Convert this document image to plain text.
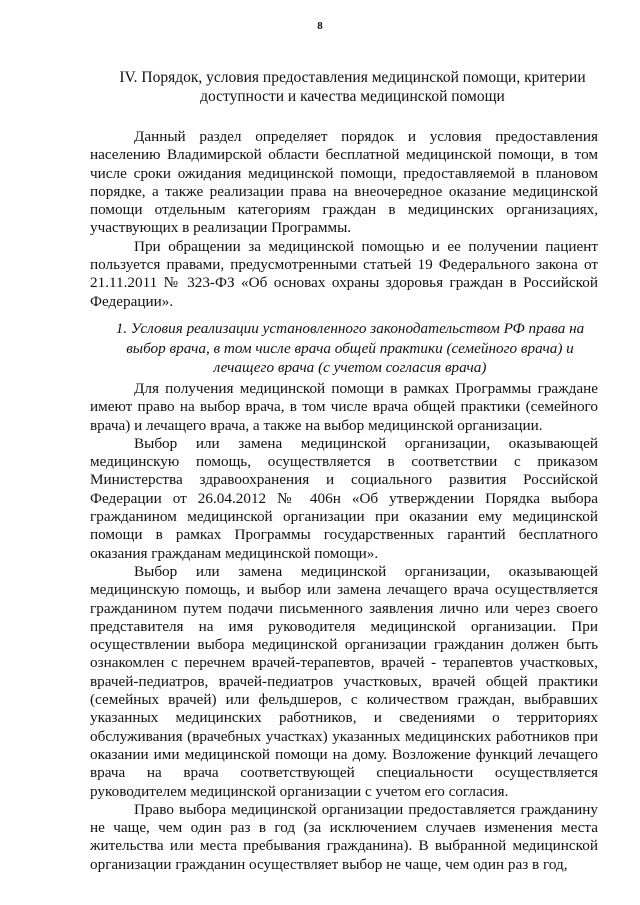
8
IV. Порядок, условия предоставления медицинской помощи, критерии доступности и качества медицинской помощи

Данный раздел определяет порядок и условия предоставления населению Владимирской области бесплатной медицинской помощи, в том числе сроки ожидания медицинской помощи, предоставляемой в плановом порядке, а также реализации права на внеочередное оказание медицинской помощи отдельным категориям граждан в медицинских организациях, участвующих в реализации Программы.

При обращении за медицинской помощью и ее получении пациент пользуется правами, предусмотренными статьей 19 Федерального закона от 21.11.2011 № 323-ФЗ «Об основах охраны здоровья граждан в Российской Федерации».

1. Условия реализации установленного законодательством РФ права на выбор врача, в том числе врача общей практики (семейного врача) и лечащего врача (с учетом согласия врача)

Для получения медицинской помощи в рамках Программы граждане имеют право на выбор врача, в том числе врача общей практики (семейного врача) и лечащего врача, а также на выбор медицинской организации.

Выбор или замена медицинской организации, оказывающей медицинскую помощь, осуществляется в соответствии с приказом Министерства здравоохранения и социального развития Российской Федерации от 26.04.2012 № 406н «Об утверждении Порядка выбора гражданином медицинской организации при оказании ему медицинской помощи в рамках Программы государственных гарантий бесплатного оказания гражданам медицинской помощи».

Выбор или замена медицинской организации, оказывающей медицинскую помощь, и выбор или замена лечащего врача осуществляется гражданином путем подачи письменного заявления лично или через своего представителя на имя руководителя медицинской организации. При осуществлении выбора медицинской организации гражданин должен быть ознакомлен с перечнем врачей-терапевтов, врачей - терапевтов участковых, врачей-педиатров, врачей-педиатров участковых, врачей общей практики (семейных врачей) или фельдшеров, с количеством граждан, выбравших указанных медицинских работников, и сведениями о территориях обслуживания (врачебных участках) указанных медицинских работников при оказании ими медицинской помощи на дому. Возложение функций лечащего врача на врача соответствующей специальности осуществляется руководителем медицинской организации с учетом его согласия.

Право выбора медицинской организации предоставляется гражданину не чаще, чем один раз в год (за исключением случаев изменения места жительства или места пребывания гражданина). В выбранной медицинской организации гражданин осуществляет выбор не чаще, чем один раз в год,
